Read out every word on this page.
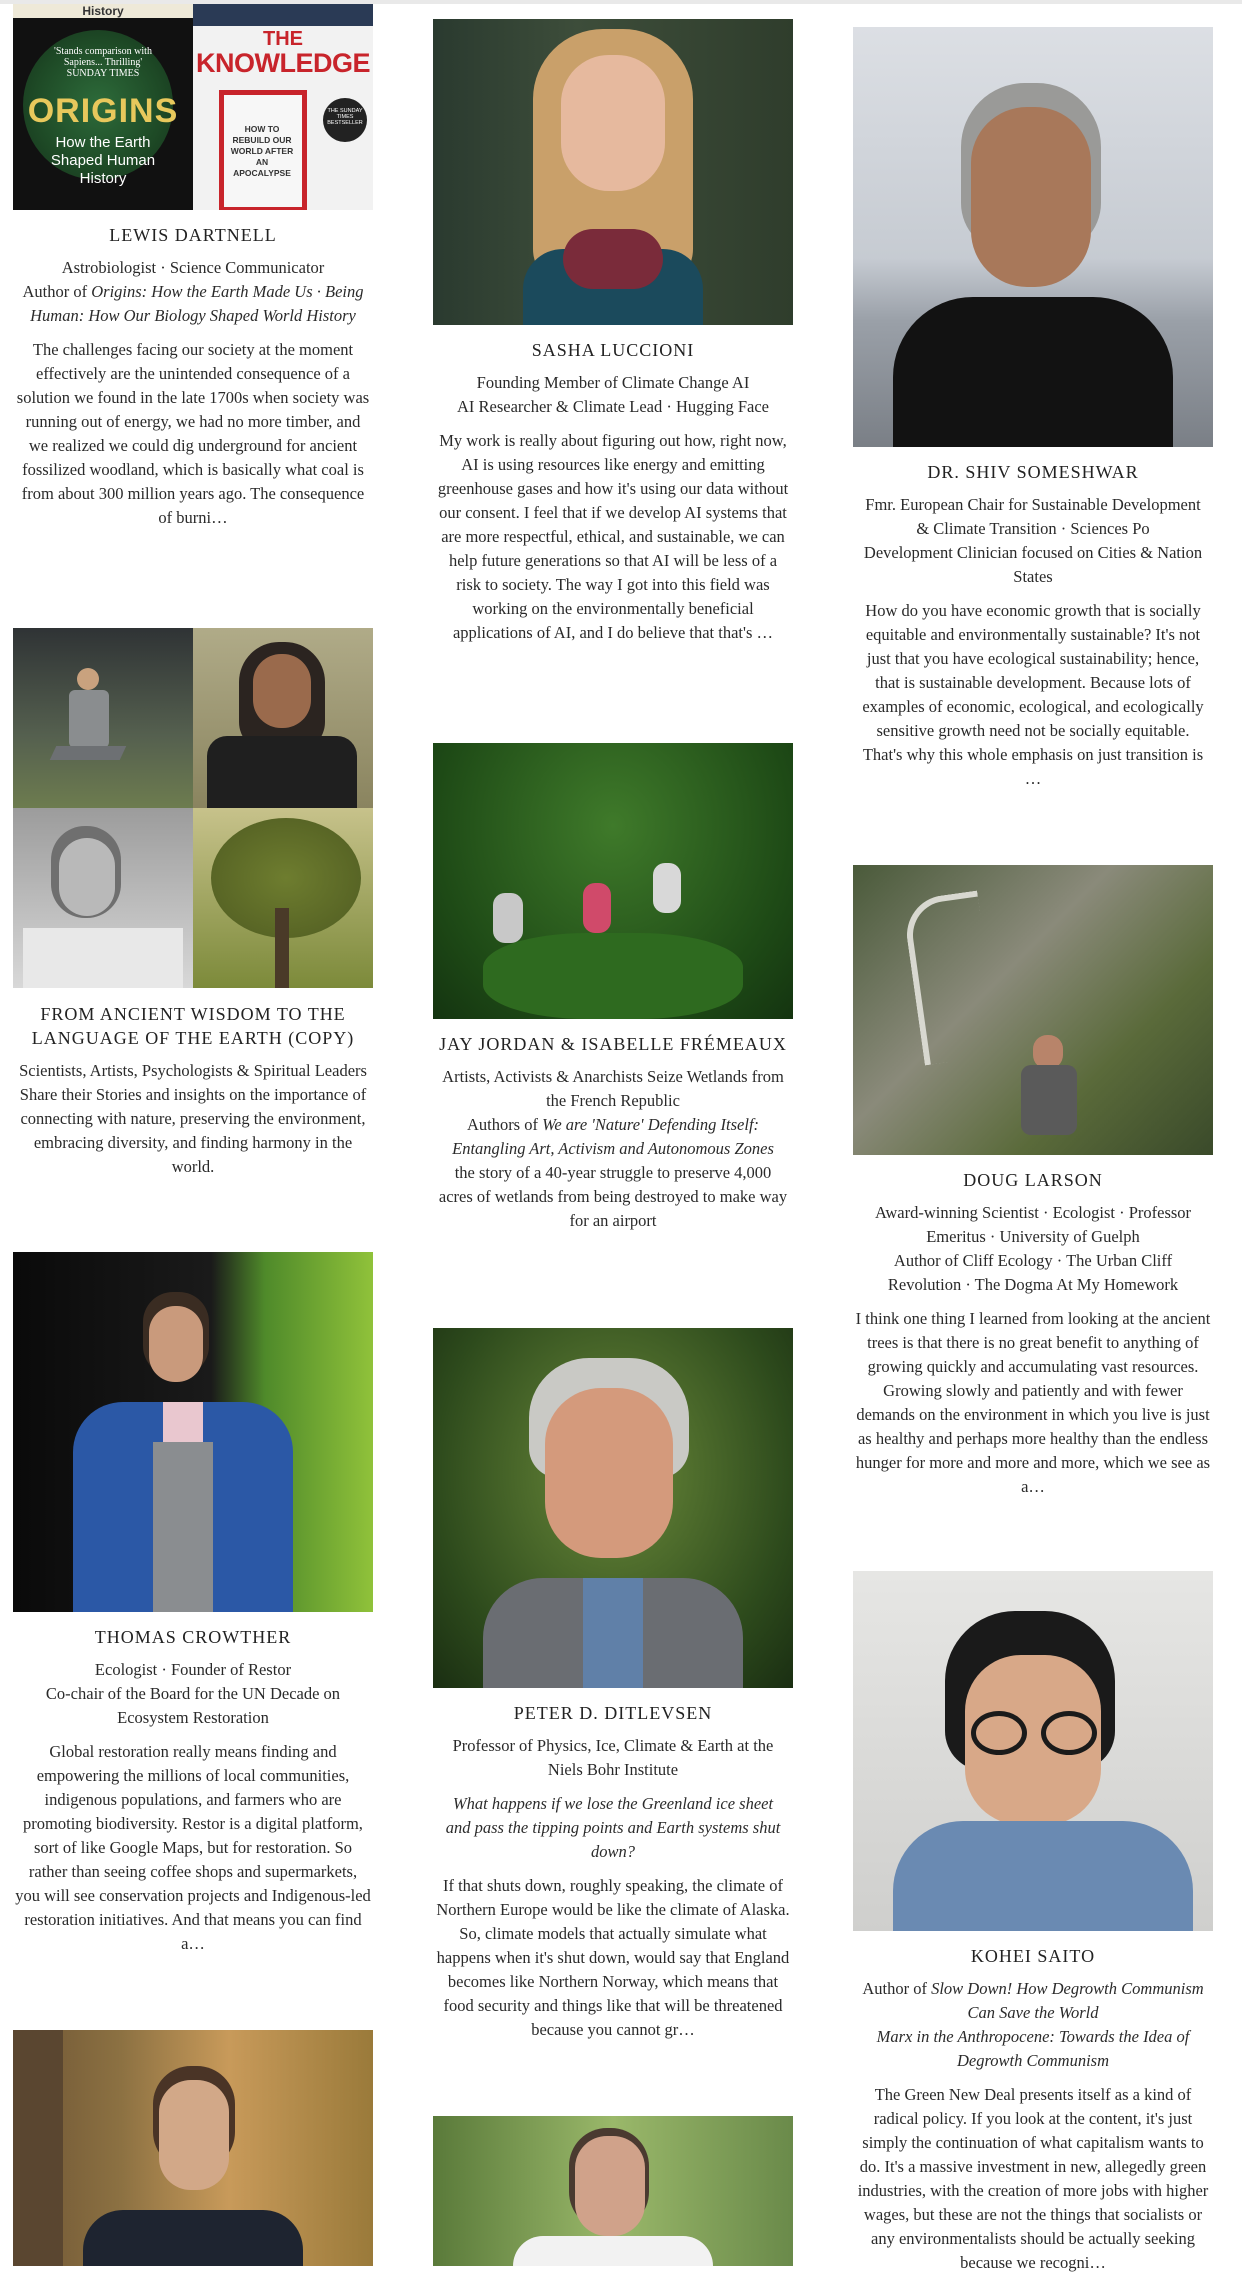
History
'Stands comparison with Sapiens... Thrilling' SUNDAY TIMES
ORIGINS
How the Earth Shaped Human History
THE
KNOWLEDGE
HOW TO REBUILD OUR WORLD AFTER AN APOCALYPSE
THE SUNDAY TIMES BESTSELLER
LEWIS DARTNELL
Astrobiologist · Science Communicator
Author of Origins: How the Earth Made Us · Being Human: How Our Biology Shaped World History
The challenges facing our society at the moment effectively are the unintended consequence of a solution we found in the late 1700s when society was running out of energy, we had no more timber, and we realized we could dig underground for ancient fossilized woodland, which is basically what coal is from about 300 million years ago. The consequence of burni…
FROM ANCIENT WISDOM TO THE LANGUAGE OF THE EARTH (COPY)
Scientists, Artists, Psychologists & Spiritual Leaders Share their Stories and insights on the importance of connecting with nature, preserving the environment, embracing diversity, and finding harmony in the world.
THOMAS CROWTHER
Ecologist · Founder of Restor
Co-chair of the Board for the UN Decade on Ecosystem Restoration
Global restoration really means finding and empowering the millions of local communities, indigenous populations, and farmers who are promoting biodiversity. Restor is a digital platform, sort of like Google Maps, but for restoration. So rather than seeing coffee shops and supermarkets, you will see conservation projects and Indigenous-led restoration initiatives. And that means you can find a…
SASHA LUCCIONI
Founding Member of Climate Change AI
AI Researcher & Climate Lead · Hugging Face
My work is really about figuring out how, right now, AI is using resources like energy and emitting greenhouse gases and how it's using our data without our consent. I feel that if we develop AI systems that are more respectful, ethical, and sustainable, we can help future generations so that AI will be less of a risk to society. The way I got into this field was working on the environmentally beneficial applications of AI, and I do believe that that's …
JAY JORDAN & ISABELLE FRÉMEAUX
Artists, Activists & Anarchists Seize Wetlands from the French Republic
Authors of We are 'Nature' Defending Itself: Entangling Art, Activism and Autonomous Zones
the story of a 40-year struggle to preserve 4,000 acres of wetlands from being destroyed to make way for an airport
PETER D. DITLEVSEN
Professor of Physics, Ice, Climate & Earth at the Niels Bohr Institute
What happens if we lose the Greenland ice sheet and pass the tipping points and Earth systems shut down?
If that shuts down, roughly speaking, the climate of Northern Europe would be like the climate of Alaska. So, climate models that actually simulate what happens when it's shut down, would say that England becomes like Northern Norway, which means that food security and things like that will be threatened because you cannot gr…
DR. SHIV SOMESHWAR
Fmr. European Chair for Sustainable Development & Climate Transition · Sciences Po
Development Clinician focused on Cities & Nation States
How do you have economic growth that is socially equitable and environmentally sustainable? It's not just that you have ecological sustainability; hence, that is sustainable development. Because lots of examples of economic, ecological, and ecologically sensitive growth need not be socially equitable. That's why this whole emphasis on just transition is …
DOUG LARSON
Award-winning Scientist · Ecologist · Professor Emeritus · University of Guelph
Author of Cliff Ecology · The Urban Cliff Revolution · The Dogma At My Homework
I think one thing I learned from looking at the ancient trees is that there is no great benefit to anything of growing quickly and accumulating vast resources. Growing slowly and patiently and with fewer demands on the environment in which you live is just as healthy and perhaps more healthy than the endless hunger for more and more and more, which we see as a…
KOHEI SAITO
Author of Slow Down! How Degrowth Communism Can Save the World
Marx in the Anthropocene: Towards the Idea of Degrowth Communism
The Green New Deal presents itself as a kind of radical policy. If you look at the content, it's just simply the continuation of what capitalism wants to do. It's a massive investment in new, allegedly green industries, with the creation of more jobs with higher wages, but these are not the things that socialists or any environmentalists should be actually seeking because we recogni…
